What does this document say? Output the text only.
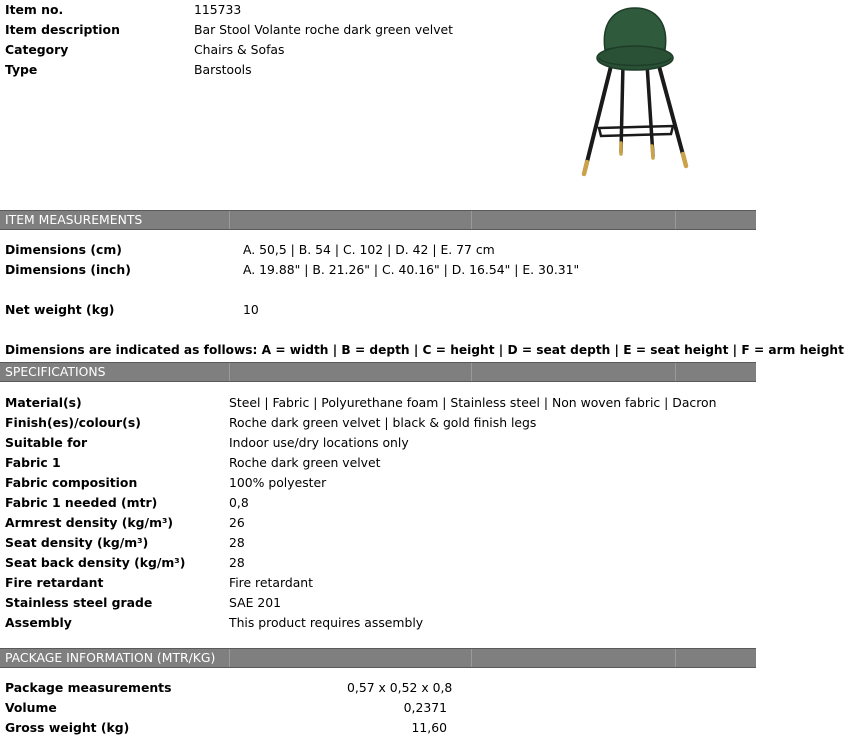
Item no.	115733
Item description	Bar Stool Volante roche dark green velvet
Category	Chairs & Sofas
Type	Barstools
ITEM MEASUREMENTS
Dimensions (cm)	A. 50,5 | B. 54 | C. 102 | D. 42 | E. 77 cm
Dimensions (inch)	A. 19.88" | B. 21.26" | C. 40.16" | D. 16.54" | E. 30.31"
Net weight (kg)	10
Dimensions are indicated as follows: A = width | B = depth | C = height | D = seat depth | E = seat height | F = arm height
SPECIFICATIONS
Material(s)	Steel | Fabric | Polyurethane foam | Stainless steel | Non woven fabric | Dacron
Finish(es)/colour(s)	Roche dark green velvet | black & gold finish legs
Suitable for	Indoor use/dry locations only
Fabric 1	Roche dark green velvet
Fabric composition	100% polyester
Fabric 1 needed (mtr)	0,8
Armrest density (kg/m³)	26
Seat density (kg/m³)	28
Seat back density (kg/m³)	28
Fire retardant	Fire retardant
Stainless steel grade	SAE 201
Assembly	This product requires assembly
PACKAGE INFORMATION (MTR/KG)
Package measurements	0,57 x 0,52 x 0,8
Volume	0,2371
Gross weight (kg)	11,60
